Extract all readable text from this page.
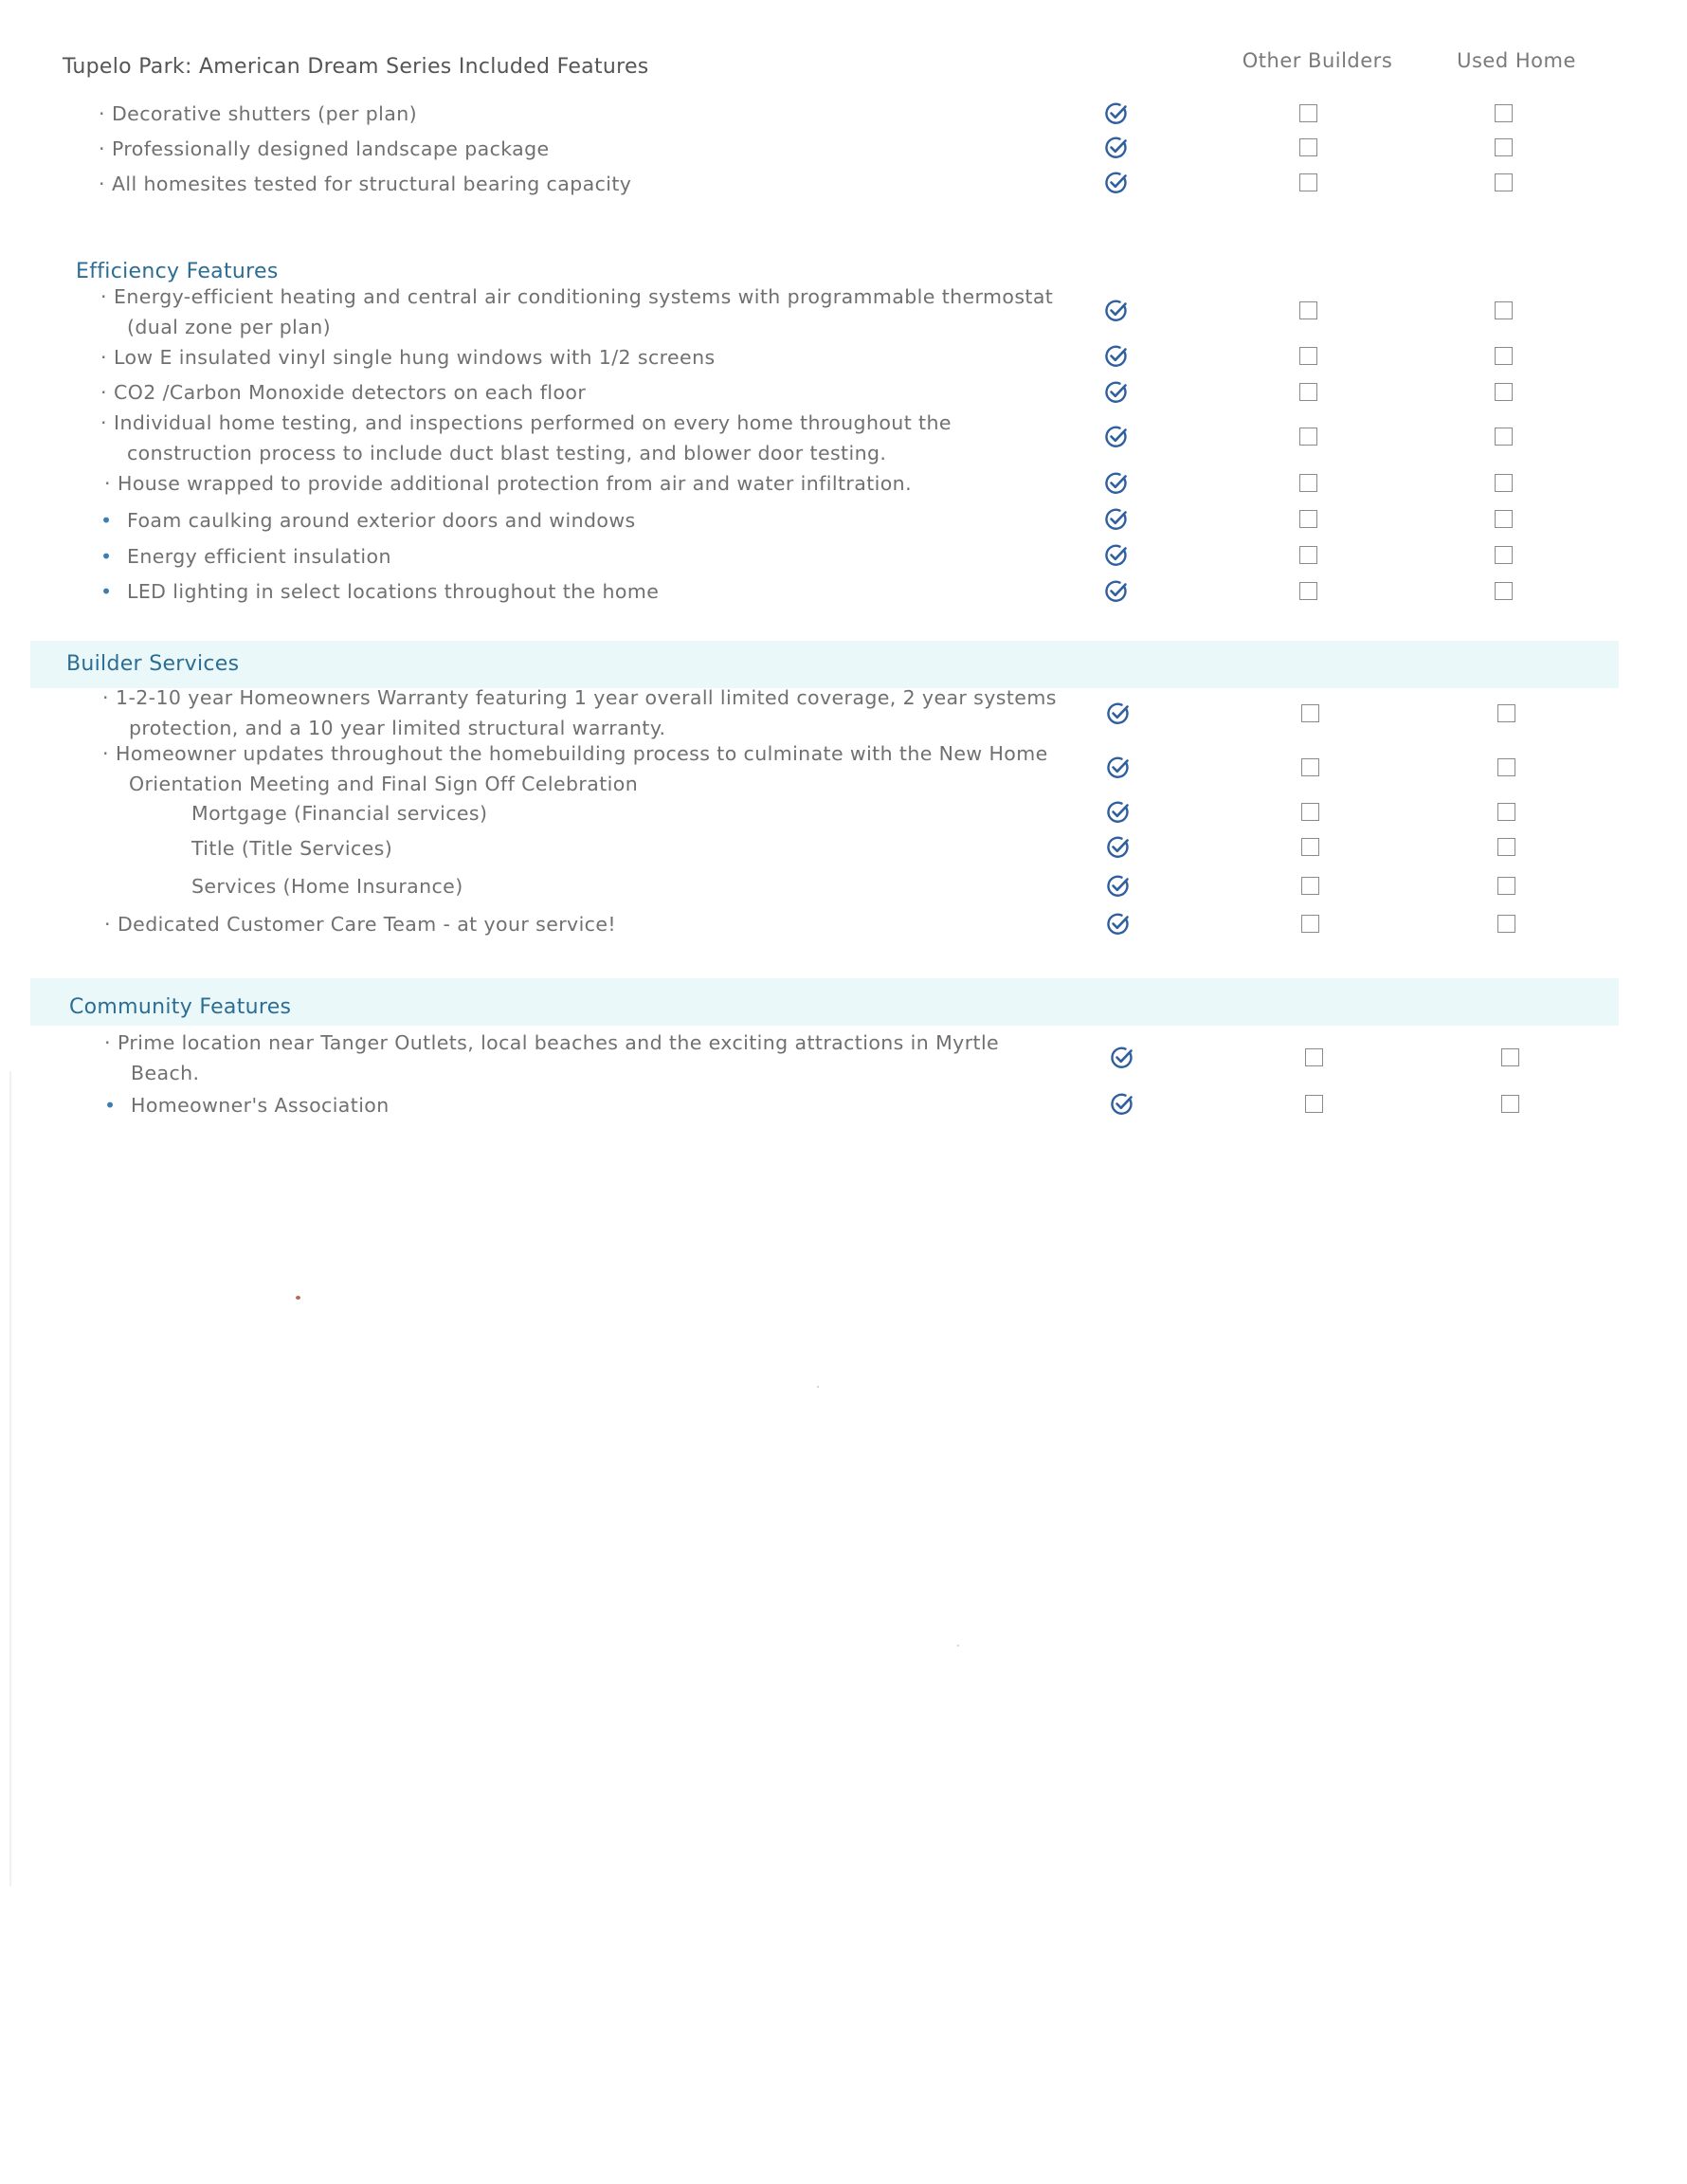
Other Builders	Used Home
Tupelo Park: American Dream Series Included Features
Efficiency Features
Builder Services
Community Features
· Decorative shutters (per plan)
· Professionally designed landscape package
· All homesites tested for structural bearing capacity
· Energy-efficient heating and central air conditioning systems with programmable thermostat
(dual zone per plan)
· Low E insulated vinyl single hung windows with 1/2 screens
· CO2 /Carbon Monoxide detectors on each floor
· Individual home testing, and inspections performed on every home throughout the
construction process to include duct blast testing, and blower door testing.
· House wrapped to provide additional protection from air and water infiltration.
• Foam caulking around exterior doors and windows
• Energy efficient insulation
• LED lighting in select locations throughout the home
· 1-2-10 year Homeowners Warranty featuring 1 year overall limited coverage, 2 year systems
protection, and a 10 year limited structural warranty.
· Homeowner updates throughout the homebuilding process to culminate with the New Home
Orientation Meeting and Final Sign Off Celebration
Mortgage (Financial services)
Title (Title Services)
Services (Home Insurance)
· Dedicated Customer Care Team - at your service!
· Prime location near Tanger Outlets, local beaches and the exciting attractions in Myrtle
Beach.
• Homeowner's Association
